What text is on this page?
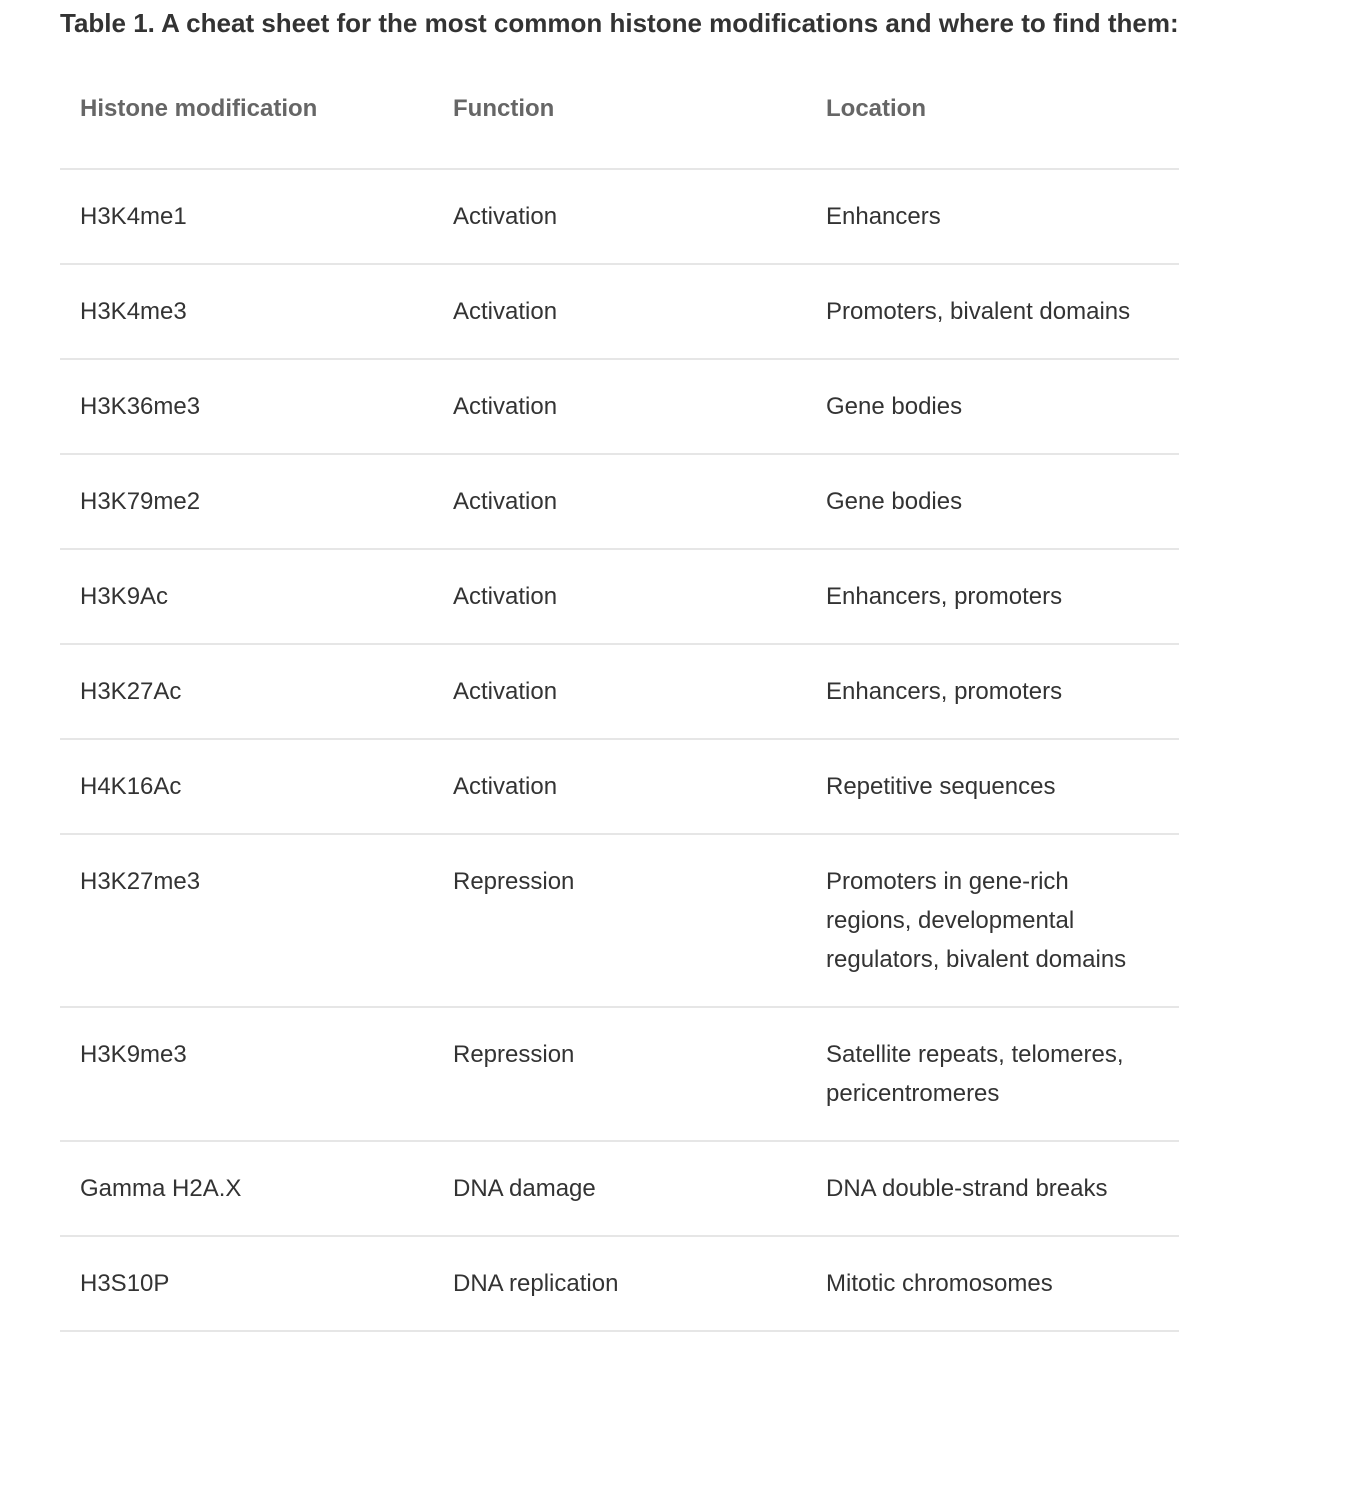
Table 1. A cheat sheet for the most common histone modifications and where to find them:
Histone modification	Function	Location
H3K4me1	Activation	Enhancers
H3K4me3	Activation	Promoters, bivalent domains
H3K36me3	Activation	Gene bodies
H3K79me2	Activation	Gene bodies
H3K9Ac	Activation	Enhancers, promoters
H3K27Ac	Activation	Enhancers, promoters
H4K16Ac	Activation	Repetitive sequences
H3K27me3	Repression	Promoters in gene-rich regions, developmental regulators, bivalent domains
H3K9me3	Repression	Satellite repeats, telomeres, pericentromeres
Gamma H2A.X	DNA damage	DNA double-strand breaks
H3S10P	DNA replication	Mitotic chromosomes
